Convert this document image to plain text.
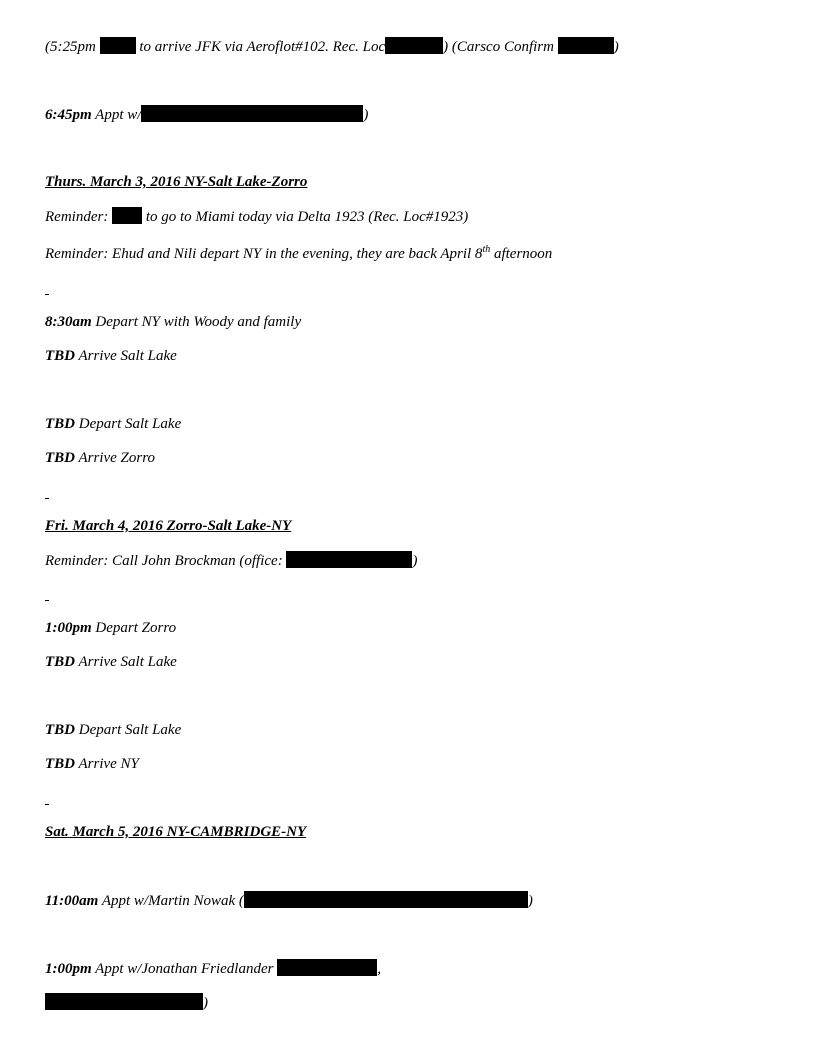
(5:25pm  to arrive JFK via Aeroflot#102. Rec. Loc	) (Carsco Confirm	)
6:45pm Appt w/	)
Thurs. March 3, 2016 NY-Salt Lake-Zorro
Reminder:  to go to Miami today via Delta 1923 (Rec. Loc#1923)
Reminder: Ehud and Nili depart NY in the evening, they are back April 8th afternoon
8:30am Depart NY with Woody and family
TBD Arrive Salt Lake
TBD Depart Salt Lake
TBD Arrive Zorro
Fri. March 4, 2016 Zorro-Salt Lake-NY
Reminder: Call John Brockman (office:	)
1:00pm Depart Zorro
TBD Arrive Salt Lake
TBD Depart Salt Lake
TBD Arrive NY
Sat. March 5, 2016 NY-CAMBRIDGE-NY
11:00am Appt w/Martin Nowak (	)
1:00pm Appt w/Jonathan Friedlander	,
)
